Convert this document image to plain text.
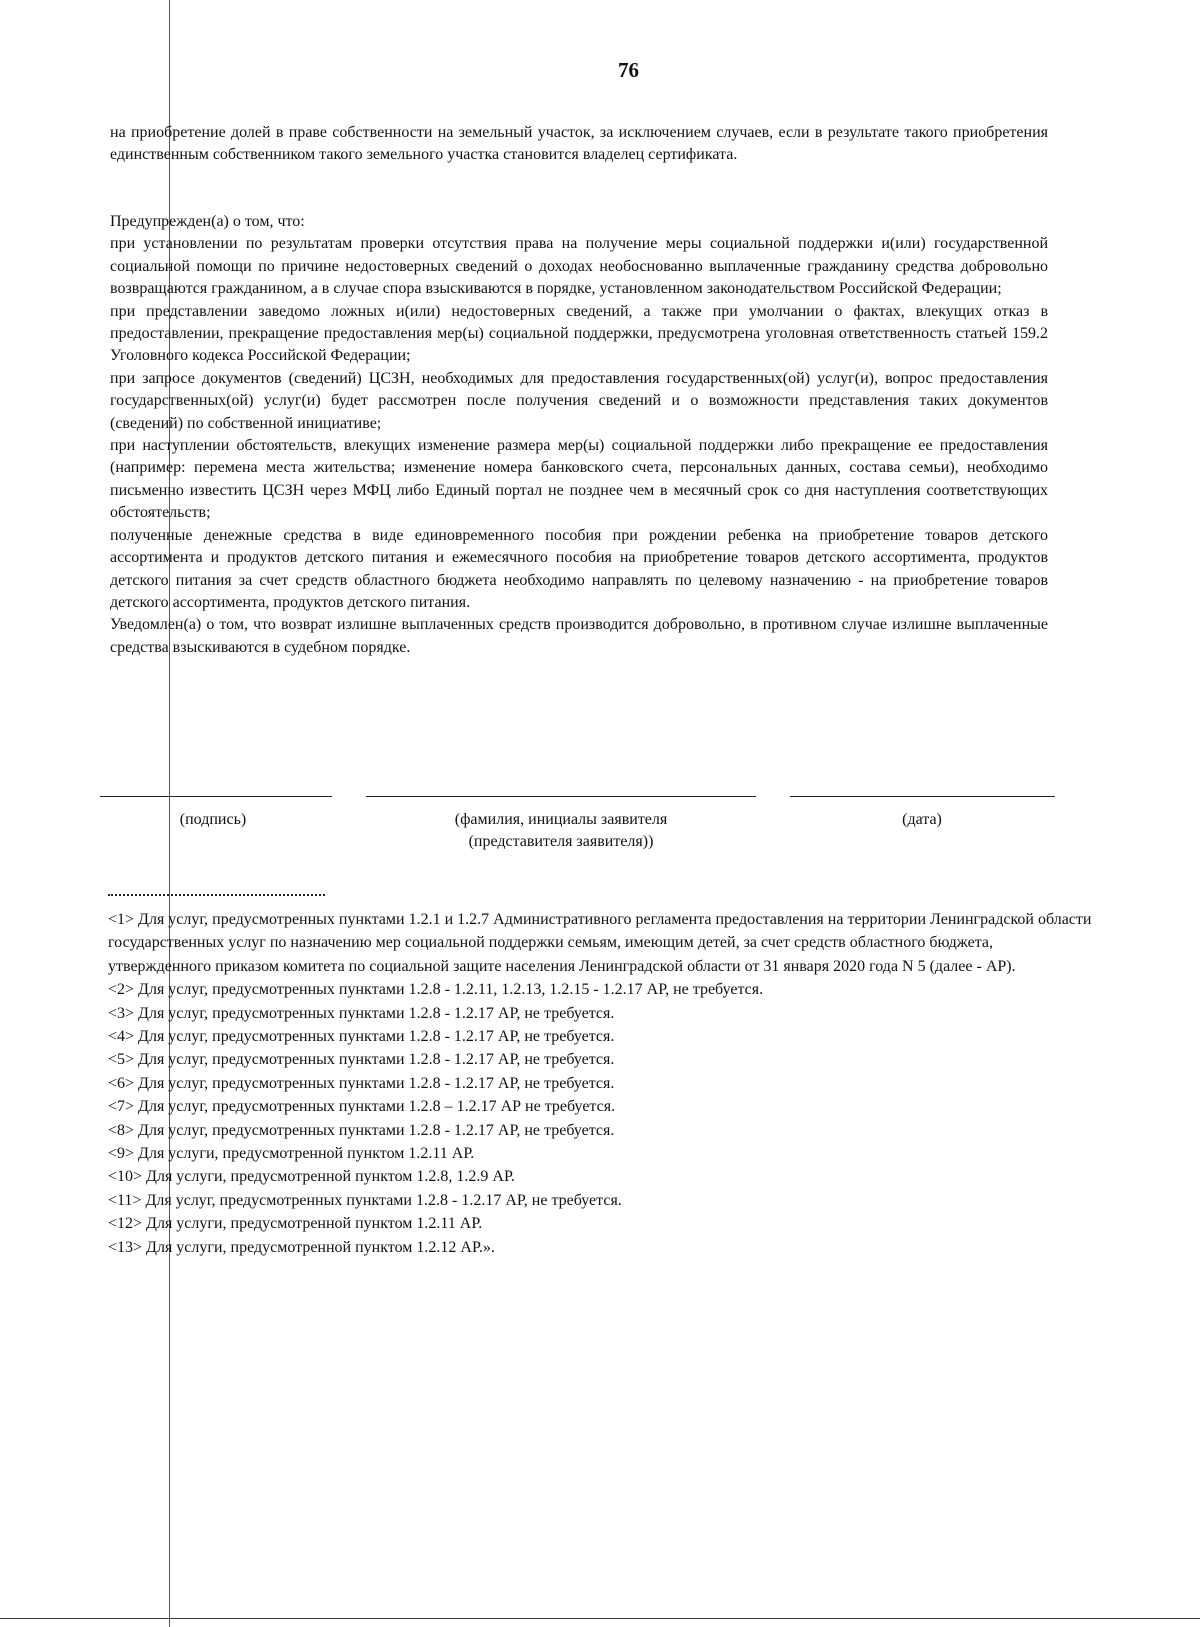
76

на приобретение долей в праве собственности на земельный участок, за исключением случаев, если в результате такого приобретения единственным собственником такого земельного участка становится владелец сертификата.

Предупрежден(а) о том, что:

при установлении по результатам проверки отсутствия права на получение меры социальной поддержки и(или) государственной социальной помощи по причине недостоверных сведений о доходах необоснованно выплаченные гражданину средства добровольно возвращаются гражданином, а в случае спора взыскиваются в порядке, установленном законодательством Российской Федерации;

при представлении заведомо ложных и(или) недостоверных сведений, а также при умолчании о фактах, влекущих отказ в предоставлении, прекращение предоставления мер(ы) социальной поддержки, предусмотрена уголовная ответственность статьей 159.2 Уголовного кодекса Российской Федерации;

при запросе документов (сведений) ЦСЗН, необходимых для предоставления государственных(ой) услуг(и), вопрос предоставления государственных(ой) услуг(и) будет рассмотрен после получения сведений и о возможности представления таких документов (сведений) по собственной инициативе;

при наступлении обстоятельств, влекущих изменение размера мер(ы) социальной поддержки либо прекращение ее предоставления (например: перемена места жительства; изменение номера банковского счета, персональных данных, состава семьи), необходимо письменно известить ЦСЗН через МФЦ либо Единый портал не позднее чем в месячный срок со дня наступления соответствующих обстоятельств;

полученные денежные средства в виде единовременного пособия при рождении ребенка на приобретение товаров детского ассортимента и продуктов детского питания и ежемесячного пособия на приобретение товаров детского ассортимента, продуктов детского питания за счет средств областного бюджета необходимо направлять по целевому назначению - на приобретение товаров детского ассортимента, продуктов детского питания.

Уведомлен(а) о том, что возврат излишне выплаченных средств производится добровольно, в противном случае излишне выплаченные средства взыскиваются в судебном порядке.

(подпись)	(фамилия, инициалы заявителя
(представителя заявителя))
(дата)
<1> Для услуг, предусмотренных пунктами 1.2.1 и 1.2.7 Административного регламента предоставления на территории Ленинградской области государственных услуг по назначению мер социальной поддержки семьям, имеющим детей, за счет средств областного бюджета, утвержденного приказом комитета по социальной защите населения Ленинградской области от 31 января 2020 года N 5 (далее - АР).
<2> Для услуг, предусмотренных пунктами 1.2.8 - 1.2.11, 1.2.13, 1.2.15 - 1.2.17 АР, не требуется.
<3> Для услуг, предусмотренных пунктами 1.2.8 - 1.2.17 АР, не требуется.
<4> Для услуг, предусмотренных пунктами 1.2.8 - 1.2.17 АР, не требуется.
<5> Для услуг, предусмотренных пунктами 1.2.8 - 1.2.17 АР, не требуется.
<6> Для услуг, предусмотренных пунктами 1.2.8 - 1.2.17 АР, не требуется.
<7> Для услуг, предусмотренных пунктами 1.2.8 – 1.2.17 АР не требуется.
<8> Для услуг, предусмотренных пунктами 1.2.8 - 1.2.17 АР, не требуется.
<9> Для услуги, предусмотренной пунктом 1.2.11 АР.
<10> Для услуги, предусмотренной пунктом 1.2.8, 1.2.9 АР.
<11> Для услуг, предусмотренных пунктами 1.2.8 - 1.2.17 АР, не требуется.
<12> Для услуги, предусмотренной пунктом 1.2.11 АР.
<13> Для услуги, предусмотренной пунктом 1.2.12 АР.».
